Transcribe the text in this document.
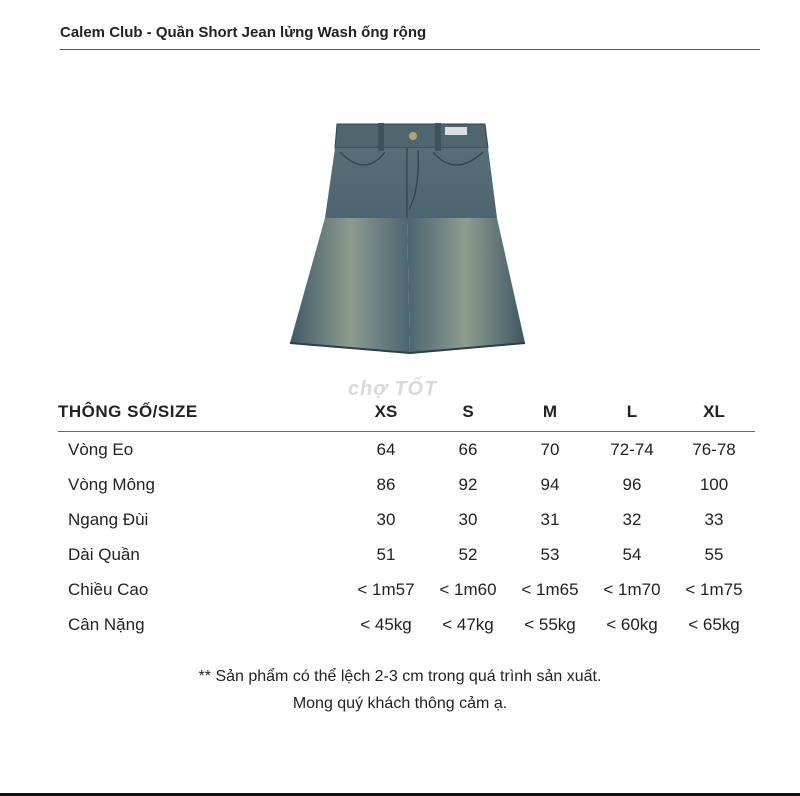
Calem Club - Quần Short Jean lửng Wash ống rộng
chợ TỐT
THÔNG SỐ/SIZE	XS	S	M	L	XL
Vòng Eo	64	66	70	72-74	76-78
Vòng Mông	86	92	94	96	100
Ngang Đùi	30	30	31	32	33
Dài Quần	51	52	53	54	55
Chiều Cao	< 1m57	< 1m60	< 1m65	< 1m70	< 1m75
Cân Nặng	< 45kg	< 47kg	< 55kg	< 60kg	< 65kg
** Sản phẩm có thể lệch 2-3 cm trong quá trình sản xuất.
Mong quý khách thông cảm ạ.
